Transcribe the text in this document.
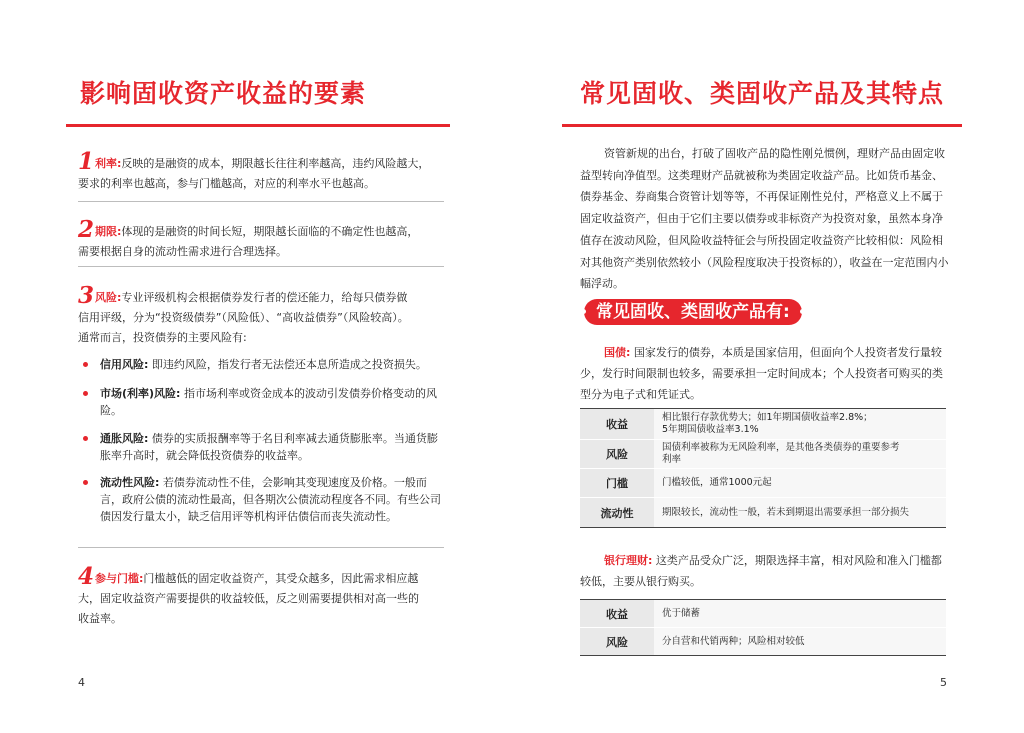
影响固收资产收益的要素
1利率:反映的是融资的成本，期限越长往往利率越高，违约风险越大，
要求的利率也越高，参与门槛越高，对应的利率水平也越高。
2期限:体现的是融资的时间长短，期限越长面临的不确定性也越高，
需要根据自身的流动性需求进行合理选择。
3风险:专业评级机构会根据债券发行者的偿还能力，给每只债券做
信用评级，分为“投资级债券”（风险低）、“高收益债券”（风险较高）。
通常而言，投资债券的主要风险有:
信用风险: 即违约风险，指发行者无法偿还本息所造成之投资损失。
市场(利率)风险: 指市场利率或资金成本的波动引发债券价格变动的风险。
通胀风险: 债券的实质报酬率等于名目利率减去通货膨胀率。当通货膨胀率升高时，就会降低投资债券的收益率。
流动性风险: 若债券流动性不佳，会影响其变现速度及价格。一般而言，政府公债的流动性最高，但各期次公债流动程度各不同。有些公司债因发行量太小，缺乏信用评等机构评估债信而丧失流动性。
4参与门槛:门槛越低的固定收益资产，其受众越多，因此需求相应越
大，固定收益资产需要提供的收益较低，反之则需要提供相对高一些的
收益率。
4
常见固收、类固收产品及其特点
资管新规的出台，打破了固收产品的隐性刚兑惯例，理财产品由固定收益型转向净值型。这类理财产品就被称为类固定收益产品。比如货币基金、债券基金、券商集合资管计划等等，不再保证刚性兑付，严格意义上不属于固定收益资产，但由于它们主要以债券或非标资产为投资对象，虽然本身净值存在波动风险，但风险收益特征会与所投固定收益资产比较相似：风险相对其他资产类别依然较小（风险程度取决于投资标的），收益在一定范围内小幅浮动。
常见固收、类固收产品有:
国债: 国家发行的债券，本质是国家信用，但面向个人投资者发行量较少，发行时间限制也较多，需要承担一定时间成本；个人投资者可购买的类型分为电子式和凭证式。
收益	相比银行存款优势大；如1年期国债收益率2.8%；
5年期国债收益率3.1%
风险	国债利率被称为无风险利率，是其他各类债券的重要参考
利率
门槛	门槛较低，通常1000元起
流动性	期限较长，流动性一般，若未到期退出需要承担一部分损失
银行理财: 这类产品受众广泛，期限选择丰富，相对风险和准入门槛都较低，主要从银行购买。
收益	优于储蓄
风险	分自营和代销两种；风险相对较低
5
